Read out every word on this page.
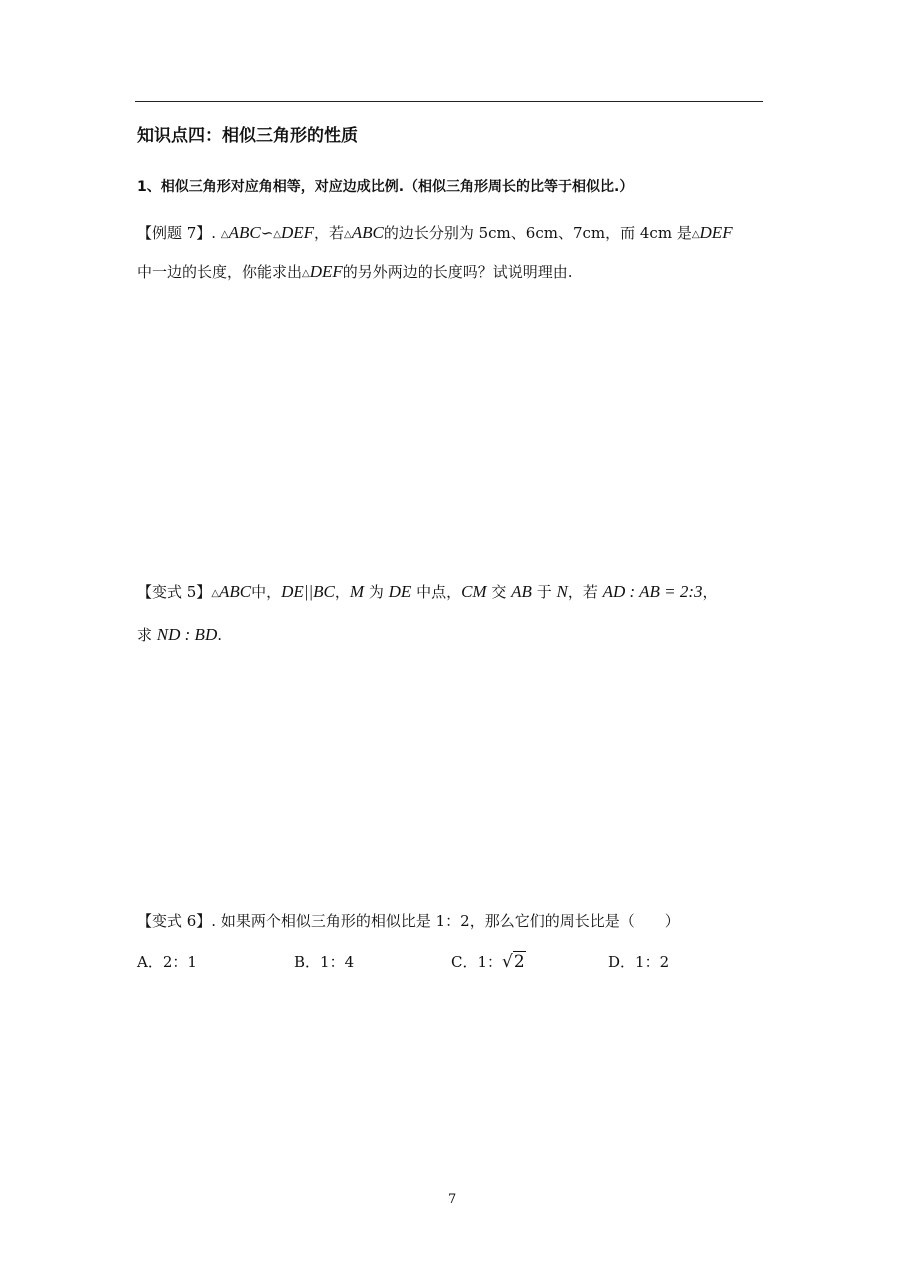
知识点四：相似三角形的性质
1、相似三角形对应角相等，对应边成比例.（相似三角形周长的比等于相似比.）
【例题 7】. △ABC∽△DEF，若△ABC的边长分别为 5cm、6cm、7cm，而 4cm 是△DEF
中一边的长度，你能求出△DEF的另外两边的长度吗？试说明理由.
【变式 5】△ABC中，DE||BC，M 为 DE 中点，CM 交 AB 于 N，若 AD : AB = 2:3，
求 ND : BD.
【变式 6】. 如果两个相似三角形的相似比是 1：2，那么它们的周长比是（　　）
A．2：1	B．1：4	C．1：√2	D．1：2
7
